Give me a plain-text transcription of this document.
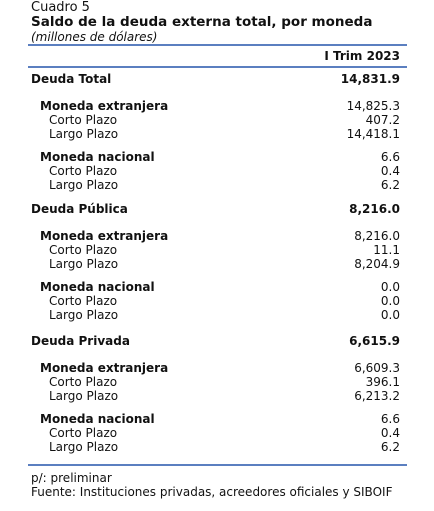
Cuadro 5
Saldo de la deuda externa total, por moneda
(millones de dólares)
I Trim 2023
Deuda Total	14,831.9
Moneda extranjera	14,825.3
Corto Plazo	407.2
Largo Plazo	14,418.1
Moneda nacional	6.6
Corto Plazo	0.4
Largo Plazo	6.2
Deuda Pública	8,216.0
Moneda extranjera	8,216.0
Corto Plazo	11.1
Largo Plazo	8,204.9
Moneda nacional	0.0
Corto Plazo	0.0
Largo Plazo	0.0
Deuda Privada	6,615.9
Moneda extranjera	6,609.3
Corto Plazo	396.1
Largo Plazo	6,213.2
Moneda nacional	6.6
Corto Plazo	0.4
Largo Plazo	6.2
p/: preliminar
Fuente: Instituciones privadas, acreedores oficiales y SIBOIF
